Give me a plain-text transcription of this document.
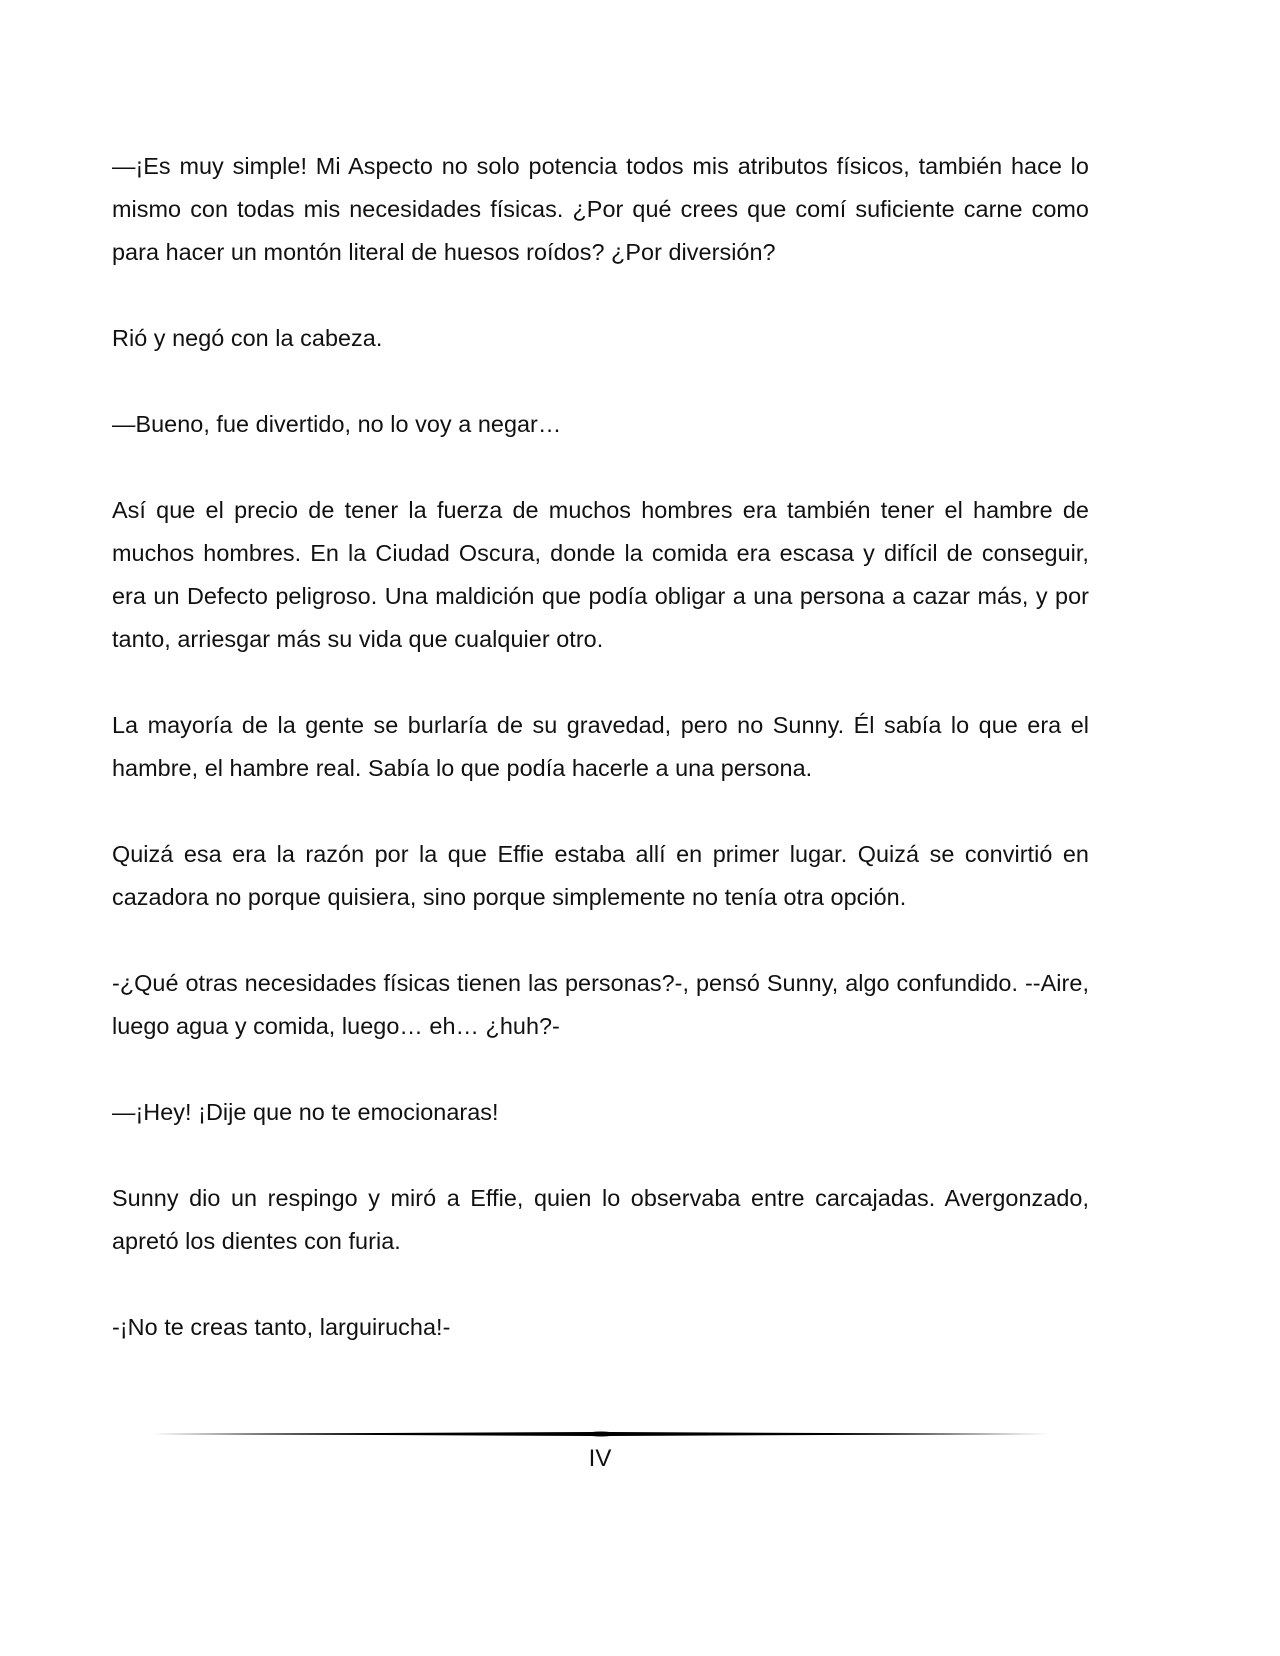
—¡Es muy simple! Mi Aspecto no solo potencia todos mis atributos físicos, también hace lo mismo con todas mis necesidades físicas. ¿Por qué crees que comí suficiente carne como para hacer un montón literal de huesos roídos? ¿Por diversión?

Rió y negó con la cabeza.

—Bueno, fue divertido, no lo voy a negar…

Así que el precio de tener la fuerza de muchos hombres era también tener el hambre de muchos hombres. En la Ciudad Oscura, donde la comida era escasa y difícil de conseguir, era un Defecto peligroso. Una maldición que podía obligar a una persona a cazar más, y por tanto, arriesgar más su vida que cualquier otro.

La mayoría de la gente se burlaría de su gravedad, pero no Sunny. Él sabía lo que era el hambre, el hambre real. Sabía lo que podía hacerle a una persona.

Quizá esa era la razón por la que Effie estaba allí en primer lugar. Quizá se convirtió en cazadora no porque quisiera, sino porque simplemente no tenía otra opción.

-¿Qué otras necesidades físicas tienen las personas?-, pensó Sunny, algo confundido. --Aire, luego agua y comida, luego… eh… ¿huh?-

—¡Hey! ¡Dije que no te emocionaras!

Sunny dio un respingo y miró a Effie, quien lo observaba entre carcajadas. Avergonzado, apretó los dientes con furia.

-¡No te creas tanto, larguirucha!-

IV
